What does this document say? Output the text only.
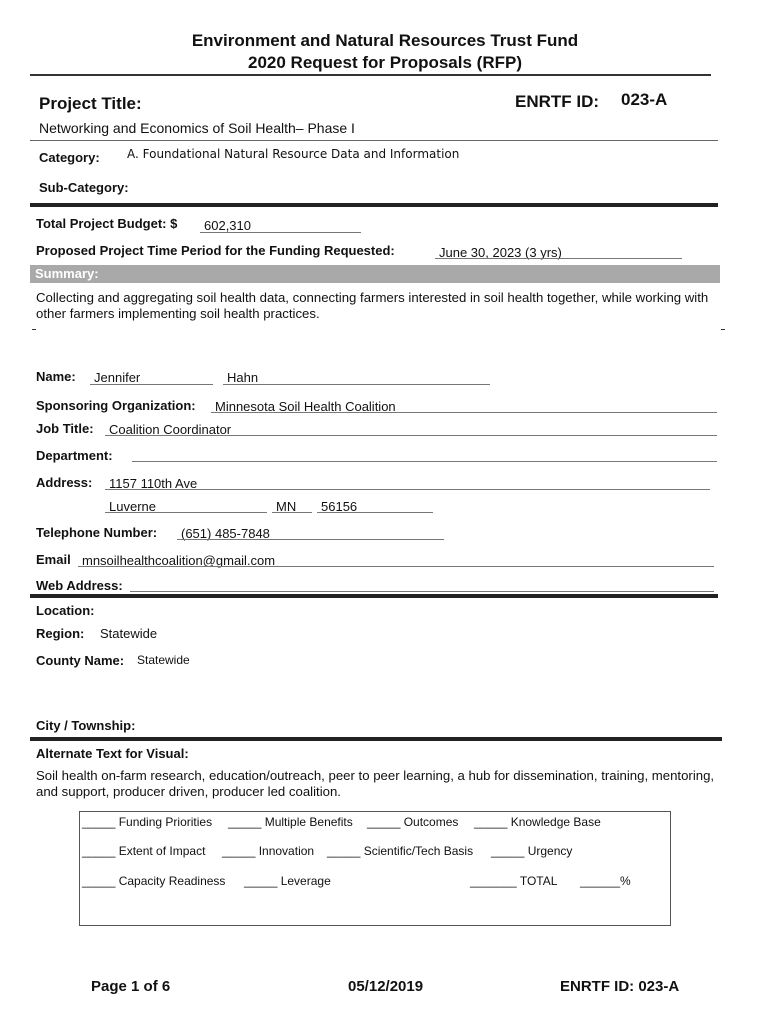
Environment and Natural Resources Trust Fund
2020 Request for Proposals (RFP)
Project Title:	ENRTF ID: 023-A
Networking and Economics of Soil Health– Phase I
Category: A. Foundational Natural Resource Data and Information
Sub-Category:
Total Project Budget: $ 602,310
Proposed Project Time Period for the Funding Requested:	June 30, 2023 (3 yrs)
Summary:
Collecting and aggregating soil health data, connecting farmers interested in soil health together, while working with other farmers implementing soil health practices.
Name: Jennifer	Hahn
Sponsoring Organization: Minnesota Soil Health Coalition
Job Title: Coalition Coordinator
Department:
Address: 1157 110th Ave
Luverne	MN 56156
Telephone Number: (651) 485-7848
Email mnsoilhealthcoalition@gmail.com
Web Address:
Location:
Region: Statewide
County Name: Statewide
City / Township:
Alternate Text for Visual:
Soil health on-farm research, education/outreach, peer to peer learning, a hub for dissemination, training, mentoring, and support, producer driven, producer led coalition.
_____ Funding Priorities _____ Multiple Benefits _____ Outcomes _____ Knowledge Base
_____ Extent of Impact _____ Innovation _____ Scientific/Tech Basis _____ Urgency
_____ Capacity Readiness _____ Leverage	_______ TOTAL ______%
Page 1 of 6	05/12/2019	ENRTF ID: 023-A
